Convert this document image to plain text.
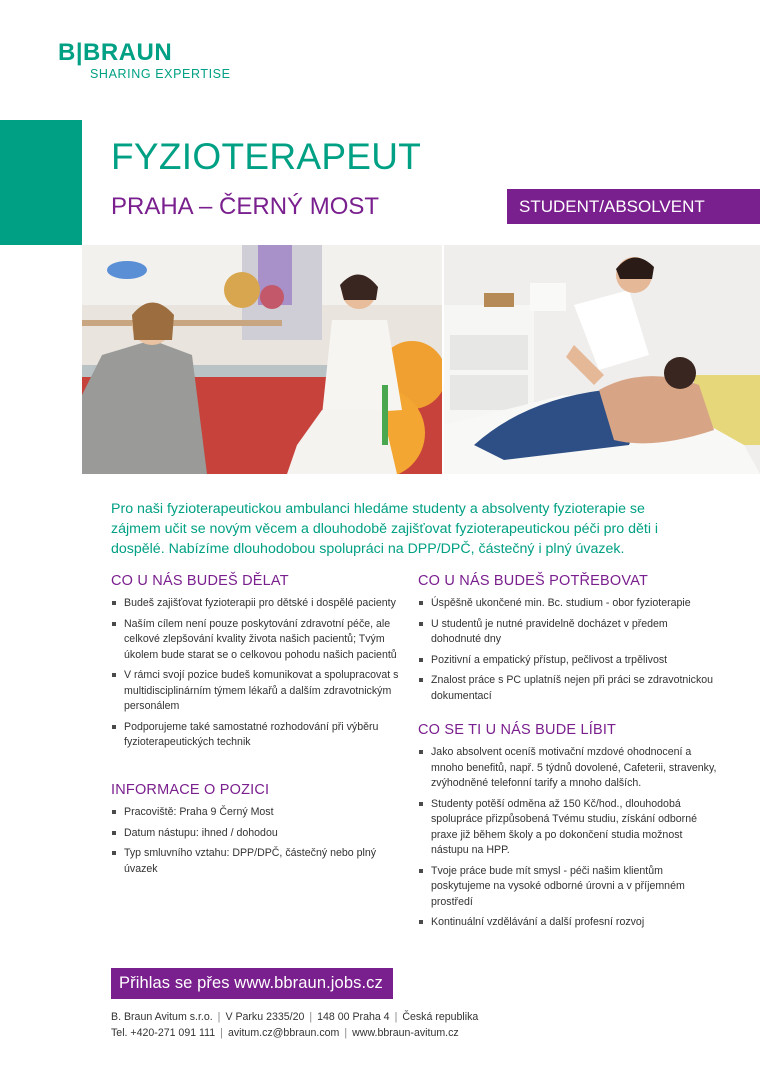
B|BRAUN
SHARING EXPERTISE
FYZIOTERAPEUT
PRAHA – ČERNÝ MOST	STUDENT/ABSOLVENT
Pro naši fyzioterapeutickou ambulanci hledáme studenty a absolventy fyzioterapie se zájmem učit se novým věcem a dlouhodobě zajišťovat fyzioterapeutickou péči pro děti i dospělé. Nabízíme dlouhodobou spolupráci na DPP/DPČ, částečný i plný úvazek.
CO U NÁS BUDEŠ DĚLAT
Budeš zajišťovat fyzioterapii pro dětské i dospělé pacienty
Naším cílem není pouze poskytování zdravotní péče, ale celkové zlepšování kvality života našich pacientů; Tvým úkolem bude starat se o celkovou pohodu našich pacientů
V rámci svojí pozice budeš komunikovat a spolupracovat s multidisciplinárním týmem lékařů a dalším zdravotnickým personálem
Podporujeme také samostatné rozhodování při výběru fyzioterapeutických technik
INFORMACE O POZICI
Pracoviště: Praha 9 Černý Most
Datum nástupu: ihned / dohodou
Typ smluvního vztahu: DPP/DPČ, částečný nebo plný úvazek
CO U NÁS BUDEŠ POTŘEBOVAT
Úspěšně ukončené min. Bc. studium - obor fyzioterapie
U studentů je nutné pravidelně docházet v předem dohodnuté dny
Pozitivní a empatický přístup, pečlivost a trpělivost
Znalost práce s PC uplatníš nejen při práci se zdravotnickou dokumentací
CO SE TI U NÁS BUDE LÍBIT
Jako absolvent oceníš motivační mzdové ohodnocení a mnoho benefitů, např. 5 týdnů dovolené, Cafeterii, stravenky, zvýhodněné telefonní tarify a mnoho dalších.
Studenty potěší odměna až 150 Kč/hod., dlouhodobá spolupráce přizpůsobená Tvému studiu, získání odborné praxe již během školy a po dokončení studia možnost nástupu na HPP.
Tvoje práce bude mít smysl - péči našim klientům poskytujeme na vysoké odborné úrovni a v příjemném prostředí
Kontinuální vzdělávání a další profesní rozvoj
Přihlas se přes www.bbraun.jobs.cz
B. Braun Avitum s.r.o. | V Parku 2335/20 | 148 00 Praha 4 | Česká republika
Tel. +420-271 091 111 | avitum.cz@bbraun.com | www.bbraun-avitum.cz
